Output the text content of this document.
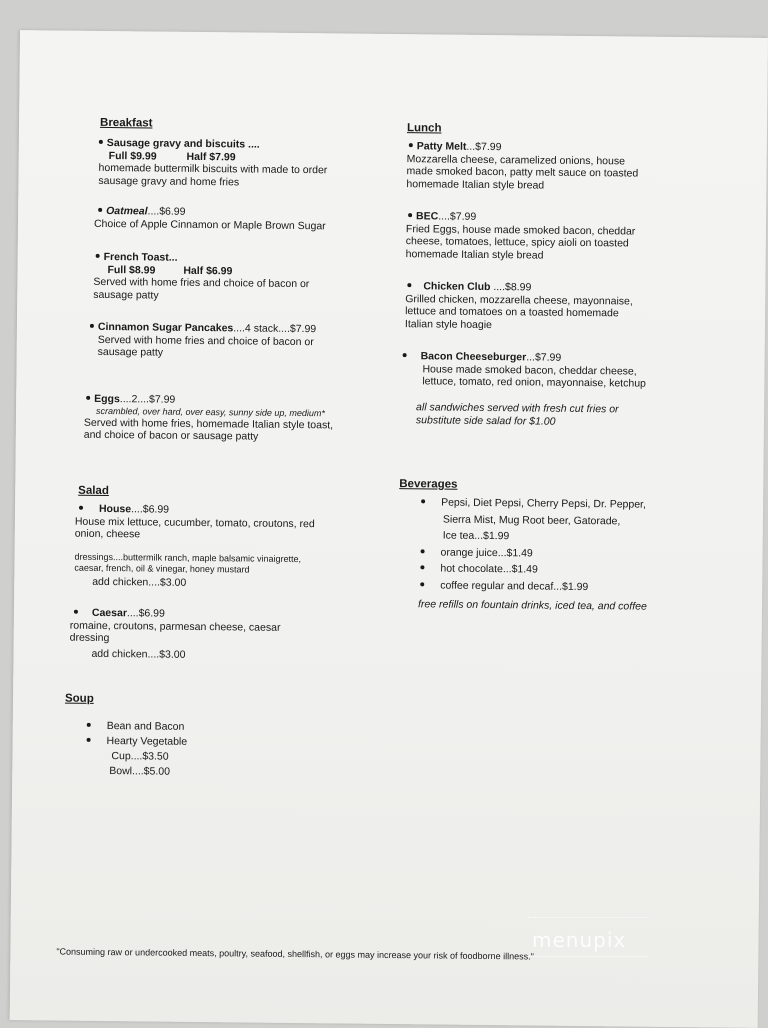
Breakfast
Sausage gravy and biscuits ....
Full $9.99	Half $7.99
homemade buttermilk biscuits with made to order
sausage gravy and home fries
Oatmeal....$6.99
Choice of Apple Cinnamon or Maple Brown Sugar
French Toast...
Full $8.99	Half $6.99
Served with home fries and choice of bacon or
sausage patty
Cinnamon Sugar Pancakes....4 stack....$7.99
Served with home fries and choice of bacon or
sausage patty
Eggs....2....$7.99
scrambled, over hard, over easy, sunny side up, medium*
Served with home fries, homemade Italian style toast,
and choice of bacon or sausage patty
Salad
House....$6.99
House mix lettuce, cucumber, tomato, croutons, red
onion, cheese
dressings....buttermilk ranch, maple balsamic vinaigrette,
caesar, french, oil & vinegar, honey mustard
add chicken....$3.00
Caesar....$6.99
romaine, croutons, parmesan cheese, caesar
dressing
add chicken....$3.00
Soup
Bean and Bacon
Hearty Vegetable
Cup....$3.50
Bowl....$5.00
Lunch
Patty Melt...$7.99
Mozzarella cheese, caramelized onions, house
made smoked bacon, patty melt sauce on toasted
homemade Italian style bread
BEC....$7.99
Fried Eggs, house made smoked bacon, cheddar
cheese, tomatoes, lettuce, spicy aioli on toasted
homemade Italian style bread
Chicken Club ....$8.99
Grilled chicken, mozzarella cheese, mayonnaise,
lettuce and tomatoes on a toasted homemade
Italian style hoagie
Bacon Cheeseburger...$7.99
House made smoked bacon, cheddar cheese,
lettuce, tomato, red onion, mayonnaise, ketchup
all sandwiches served with fresh cut fries or
substitute side salad for $1.00
Beverages
Pepsi, Diet Pepsi, Cherry Pepsi, Dr. Pepper,
Sierra Mist, Mug Root beer, Gatorade,
Ice tea...$1.99
orange juice...$1.49
hot chocolate...$1.49
coffee regular and decaf...$1.99
free refills on fountain drinks, iced tea, and coffee
"Consuming raw or undercooked meats, poultry, seafood, shellfish, or eggs may increase your risk of foodborne illness."
menupix
